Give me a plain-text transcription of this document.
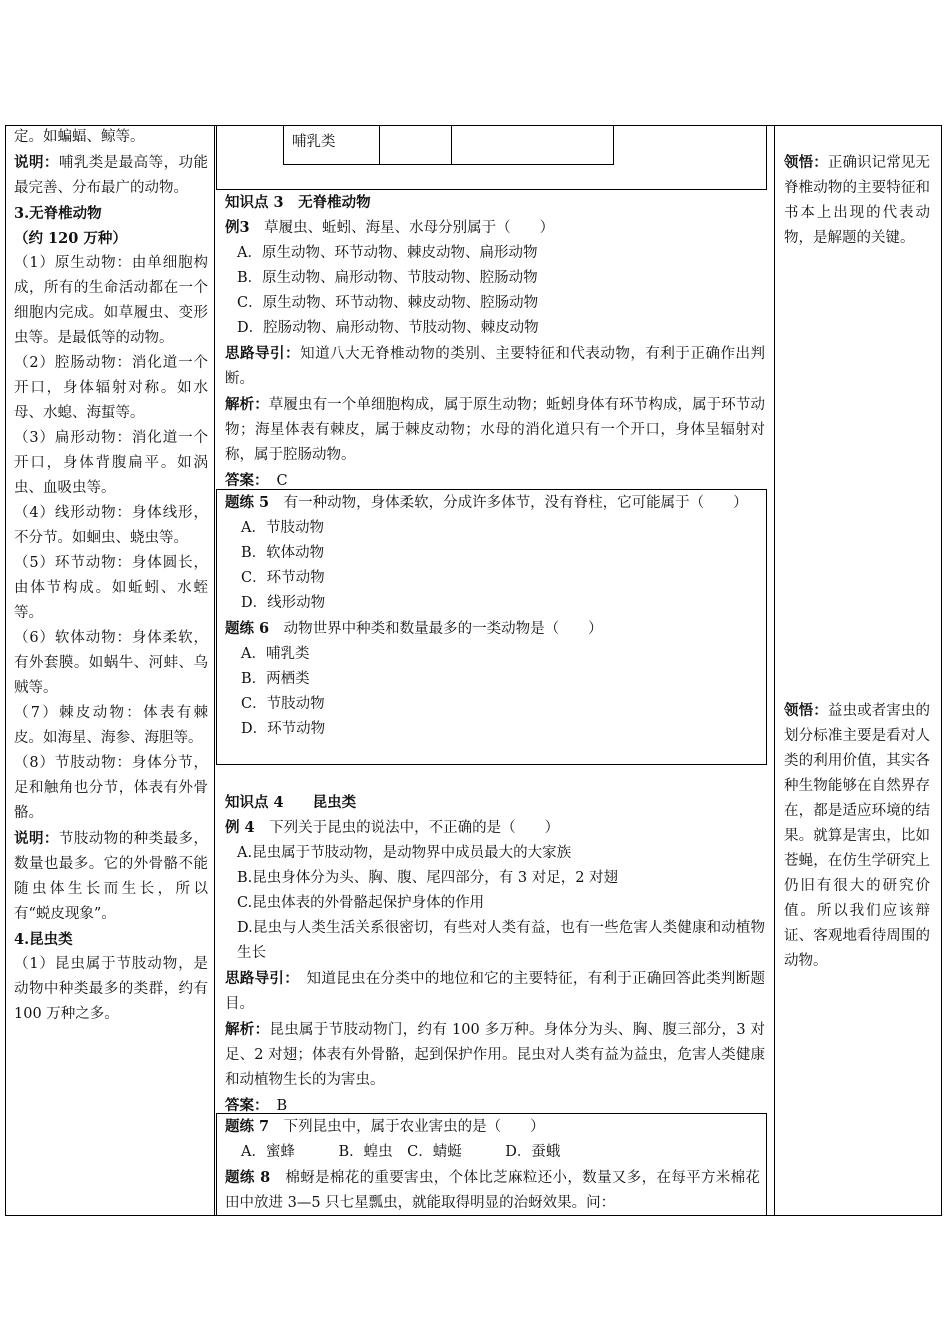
哺乳类

定。如蝙蝠、鲸等。

说明：哺乳类是最高等，功能最完善、分布最广的动物。

3.无脊椎动物

（约 120 万种）

（1）原生动物：由单细胞构成，所有的生命活动都在一个细胞内完成。如草履虫、变形虫等。是最低等的动物。

（2）腔肠动物：消化道一个开口，身体辐射对称。如水母、水螅、海蜇等。

（3）扁形动物：消化道一个开口，身体背腹扁平。如涡虫、血吸虫等。

（4）线形动物：身体线形，不分节。如蛔虫、蛲虫等。

（5）环节动物：身体圆长，由体节构成。如蚯蚓、水蛭等。

（6）软体动物：身体柔软，有外套膜。如蜗牛、河蚌、乌贼等。

（7）棘皮动物：体表有棘皮。如海星、海参、海胆等。

（8）节肢动物：身体分节，足和触角也分节，体表有外骨骼。

说明：节肢动物的种类最多，数量也最多。它的外骨骼不能随虫体生长而生长，所以有“蜕皮现象”。

4.昆虫类

（1）昆虫属于节肢动物，是动物中种类最多的类群，约有 100 万种之多。

知识点 3　无脊椎动物

例3　草履虫、蚯蚓、海星、水母分别属于（　　）

A．原生动物、环节动物、棘皮动物、扁形动物

B．原生动物、扁形动物、节肢动物、腔肠动物

C．原生动物、环节动物、棘皮动物、腔肠动物

D．腔肠动物、扁形动物、节肢动物、棘皮动物

思路导引：知道八大无脊椎动物的类别、主要特征和代表动物，有利于正确作出判断。

解析：草履虫有一个单细胞构成，属于原生动物；蚯蚓身体有环节构成，属于环节动物；海星体表有棘皮，属于棘皮动物；水母的消化道只有一个开口，身体呈辐射对称，属于腔肠动物。

答案： C

题练 5　有一种动物，身体柔软，分成许多体节，没有脊柱，它可能属于（　　）

A．节肢动物

B．软体动物

C．环节动物

D．线形动物

题练 6　动物世界中种类和数量最多的一类动物是（　　）

A．哺乳类

B．两栖类

C．节肢动物

D．环节动物

知识点 4　　昆虫类

例 4　下列关于昆虫的说法中，不正确的是（　　）

A.昆虫属于节肢动物，是动物界中成员最大的大家族

B.昆虫身体分为头、胸、腹、尾四部分，有 3 对足，2 对翅

C.昆虫体表的外骨骼起保护身体的作用

D.昆虫与人类生活关系很密切，有些对人类有益，也有一些危害人类健康和动植物生长

思路导引：　知道昆虫在分类中的地位和它的主要特征，有利于正确回答此类判断题目。

解析：昆虫属于节肢动物门，约有 100 多万种。身体分为头、胸、腹三部分，3 对足、2 对翅；体表有外骨骼，起到保护作用。昆虫对人类有益为益虫，危害人类健康和动植物生长的为害虫。

答案： B

题练 7　下列昆虫中，属于农业害虫的是（　　）

A．蜜蜂　　　B．蝗虫　C．蜻蜓　　　D．蚕蛾

题练 8　棉蚜是棉花的重要害虫，个体比芝麻粒还小，数量又多，在每平方米棉花田中放进 3—5 只七星瓢虫，就能取得明显的治蚜效果。问：

领悟：正确识记常见无脊椎动物的主要特征和书本上出现的代表动物，是解题的关键。

领悟：益虫或者害虫的划分标准主要是看对人类的利用价值，其实各种生物能够在自然界存在，都是适应环境的结果。就算是害虫，比如苍蝇，在仿生学研究上仍旧有很大的研究价值。所以我们应该辩证、客观地看待周围的动物。
